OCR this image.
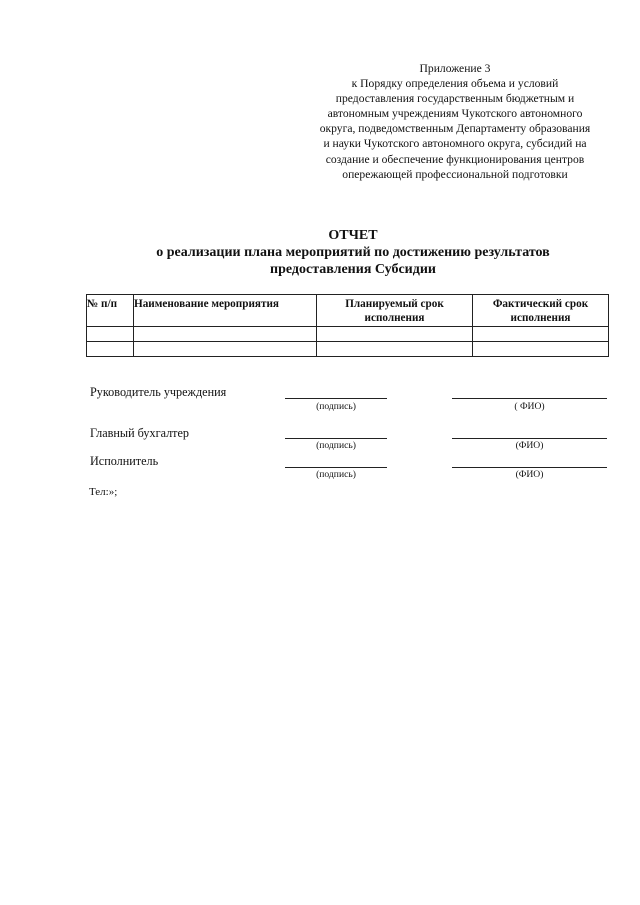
Приложение 3
к Порядку определения объема и условий
предоставления государственным бюджетным и
автономным учреждениям Чукотского автономного
округа, подведомственным Департаменту образования
и науки Чукотского автономного округа, субсидий на
создание и обеспечение функционирования центров
опережающей профессиональной подготовки
ОТЧЕТ
о реализации плана мероприятий по достижению результатов
предоставления Субсидии
№ п/п	Наименование мероприятия	Планируемый срок исполнения	Фактический срок исполнения

Руководитель учреждения
(подпись)	( ФИО)
Главный бухгалтер
(подпись)	(ФИО)
Исполнитель
(подпись)	(ФИО)
Тел:»;
